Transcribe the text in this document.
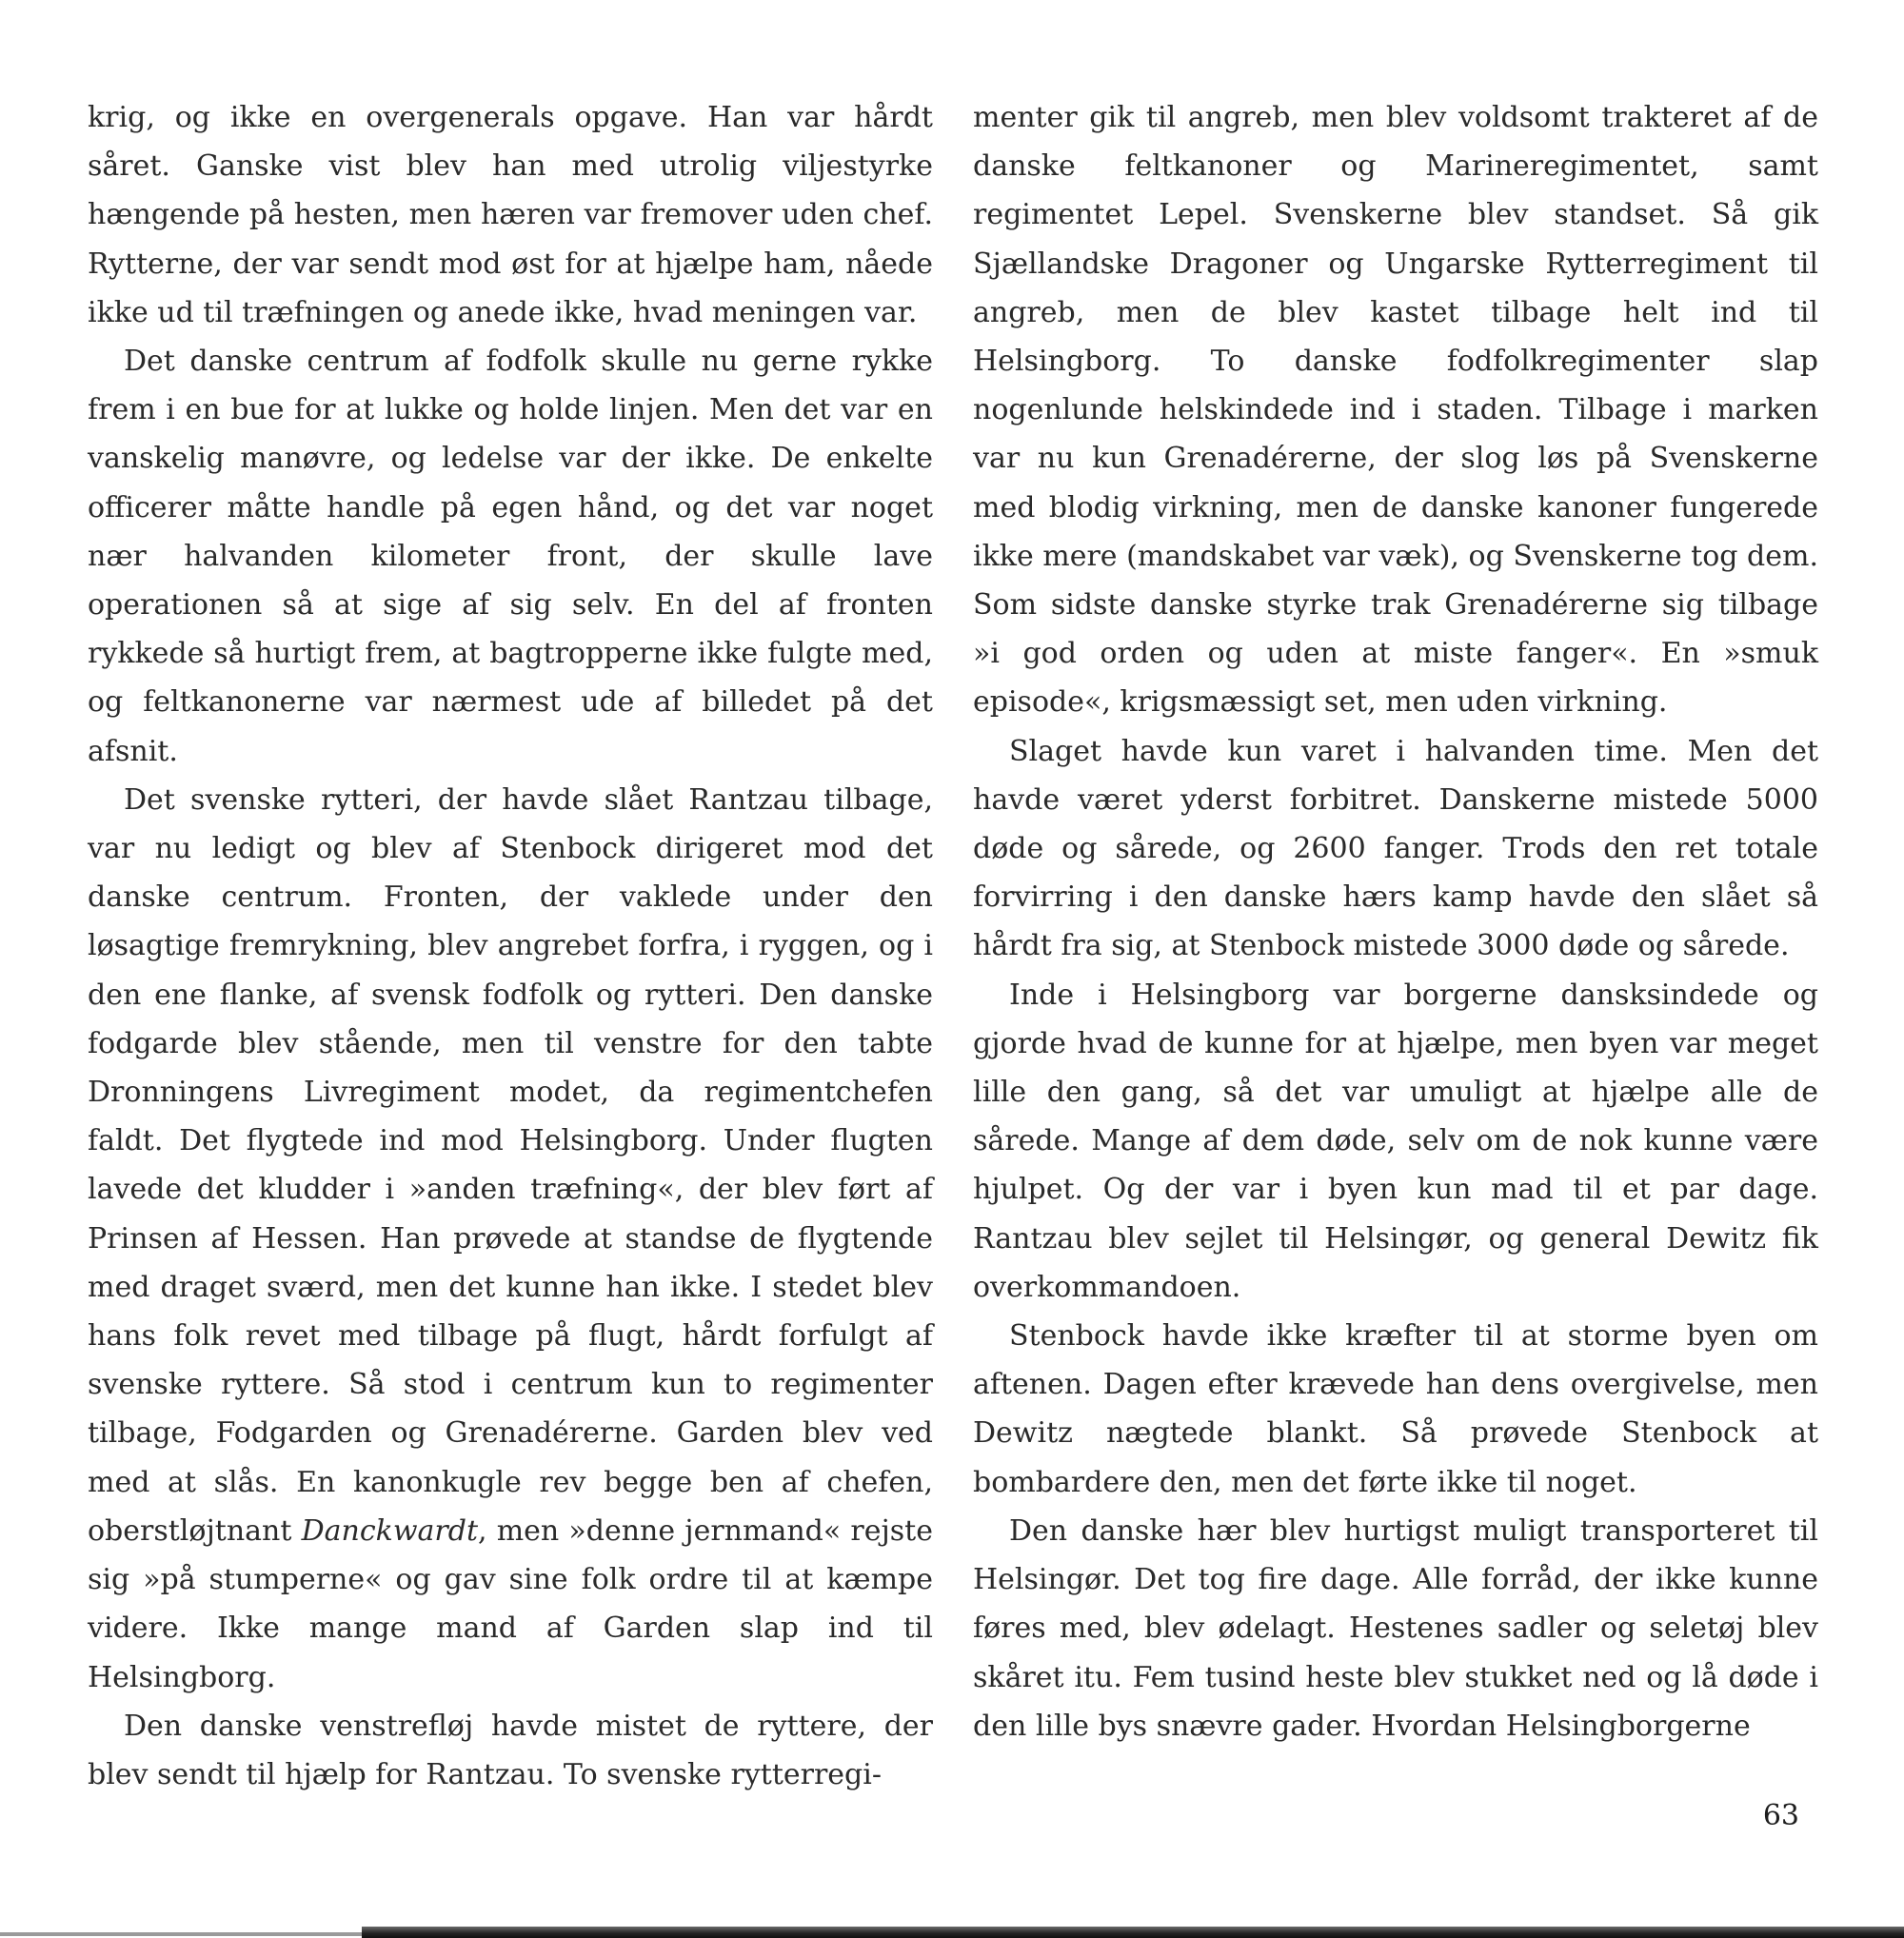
krig, og ikke en overgenerals opgave. Han var hårdt såret. Ganske vist blev han med utrolig viljestyrke hængende på hesten, men hæren var fremover uden chef. Rytterne, der var sendt mod øst for at hjælpe ham, nåede ikke ud til træfningen og anede ikke, hvad meningen var.

Det danske centrum af fodfolk skulle nu gerne rykke frem i en bue for at lukke og holde linjen. Men det var en vanskelig manøvre, og ledelse var der ikke. De enkelte officerer måtte handle på egen hånd, og det var noget nær halvanden kilometer front, der skulle lave operationen så at sige af sig selv. En del af fronten rykkede så hurtigt frem, at bagtropperne ikke fulgte med, og feltkanonerne var nærmest ude af billedet på det afsnit.

Det svenske rytteri, der havde slået Rantzau tilbage, var nu ledigt og blev af Stenbock dirigeret mod det danske centrum. Fronten, der vaklede under den løsagtige fremrykning, blev angrebet forfra, i ryggen, og i den ene flanke, af svensk fodfolk og rytteri. Den danske fodgarde blev stående, men til venstre for den tabte Dronningens Livregiment modet, da regimentchefen faldt. Det flygtede ind mod Helsingborg. Under flugten lavede det kludder i »anden træfning«, der blev ført af Prinsen af Hessen. Han prøvede at standse de flygtende med draget sværd, men det kunne han ikke. I stedet blev hans folk revet med tilbage på flugt, hårdt forfulgt af svenske ryttere. Så stod i centrum kun to regimenter tilbage, Fodgarden og Grenadérerne. Garden blev ved med at slås. En kanonkugle rev begge ben af chefen, oberstløjtnant Danckwardt, men »denne jernmand« rejste sig »på stumperne« og gav sine folk ordre til at kæmpe videre. Ikke mange mand af Garden slap ind til Helsingborg.

Den danske venstrefløj havde mistet de ryttere, der blev sendt til hjælp for Rantzau. To svenske rytterregi-

menter gik til angreb, men blev voldsomt trakteret af de danske feltkanoner og Marineregimentet, samt regimentet Lepel. Svenskerne blev standset. Så gik Sjællandske Dragoner og Ungarske Rytterregiment til angreb, men de blev kastet tilbage helt ind til Helsingborg. To danske fodfolkregimenter slap nogenlunde helskindede ind i staden. Tilbage i marken var nu kun Grenadérerne, der slog løs på Svenskerne med blodig virkning, men de danske kanoner fungerede ikke mere (mandskabet var væk), og Svenskerne tog dem. Som sidste danske styrke trak Grenadérerne sig tilbage »i god orden og uden at miste fanger«. En »smuk episode«, krigsmæssigt set, men uden virkning.

Slaget havde kun varet i halvanden time. Men det havde været yderst forbitret. Danskerne mistede 5000 døde og sårede, og 2600 fanger. Trods den ret totale forvirring i den danske hærs kamp havde den slået så hårdt fra sig, at Stenbock mistede 3000 døde og sårede.

Inde i Helsingborg var borgerne dansksindede og gjorde hvad de kunne for at hjælpe, men byen var meget lille den gang, så det var umuligt at hjælpe alle de sårede. Mange af dem døde, selv om de nok kunne være hjulpet. Og der var i byen kun mad til et par dage. Rantzau blev sejlet til Helsingør, og general Dewitz fik overkommandoen.

Stenbock havde ikke kræfter til at storme byen om aftenen. Dagen efter krævede han dens overgivelse, men Dewitz nægtede blankt. Så prøvede Stenbock at bombardere den, men det førte ikke til noget.

Den danske hær blev hurtigst muligt transporteret til Helsingør. Det tog fire dage. Alle forråd, der ikke kunne føres med, blev ødelagt. Hestenes sadler og seletøj blev skåret itu. Fem tusind heste blev stukket ned og lå døde i den lille bys snævre gader. Hvordan Helsingborgerne

63
